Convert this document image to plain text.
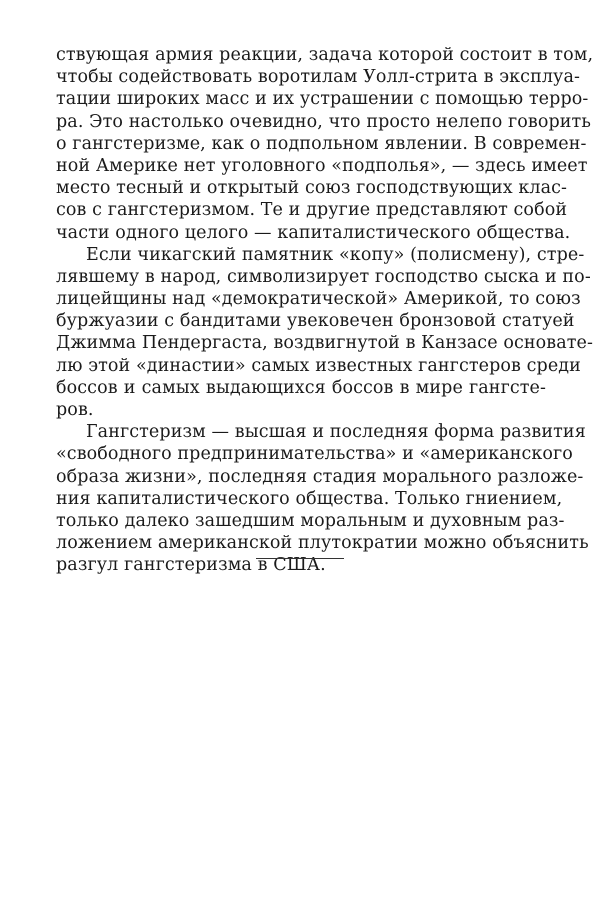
ствующая армия реакции, задача которой состоит в том,
чтобы содействовать воротилам Уолл-стрита в эксплуа-
тации широких масс и их устрашении с помощью терро-
ра. Это настолько очевидно, что просто нелепо говорить
о гангстеризме, как о подпольном явлении. В современ-
ной Америке нет уголовного «подполья», — здесь имеет
место тесный и открытый союз господствующих клас-
сов с гангстеризмом. Те и другие представляют собой
части одного целого — капиталистического общества.
Если чикагский памятник «копу» (полисмену), стре-
лявшему в народ, символизирует господство сыска и по-
лицейщины над «демократической» Америкой, то союз
буржуазии с бандитами увековечен бронзовой статуей
Джимма Пендергаста, воздвигнутой в Канзасе основате-
лю этой «династии» самых известных гангстеров среди
боссов и самых выдающихся боссов в мире гангсте-
ров.
Гангстеризм — высшая и последняя форма развития
«свободного предпринимательства» и «американского
образа жизни», последняя стадия морального разложе-
ния капиталистического общества. Только гниением,
только далеко зашедшим моральным и духовным раз-
ложением американской плутократии можно объяснить
разгул гангстеризма в США.
